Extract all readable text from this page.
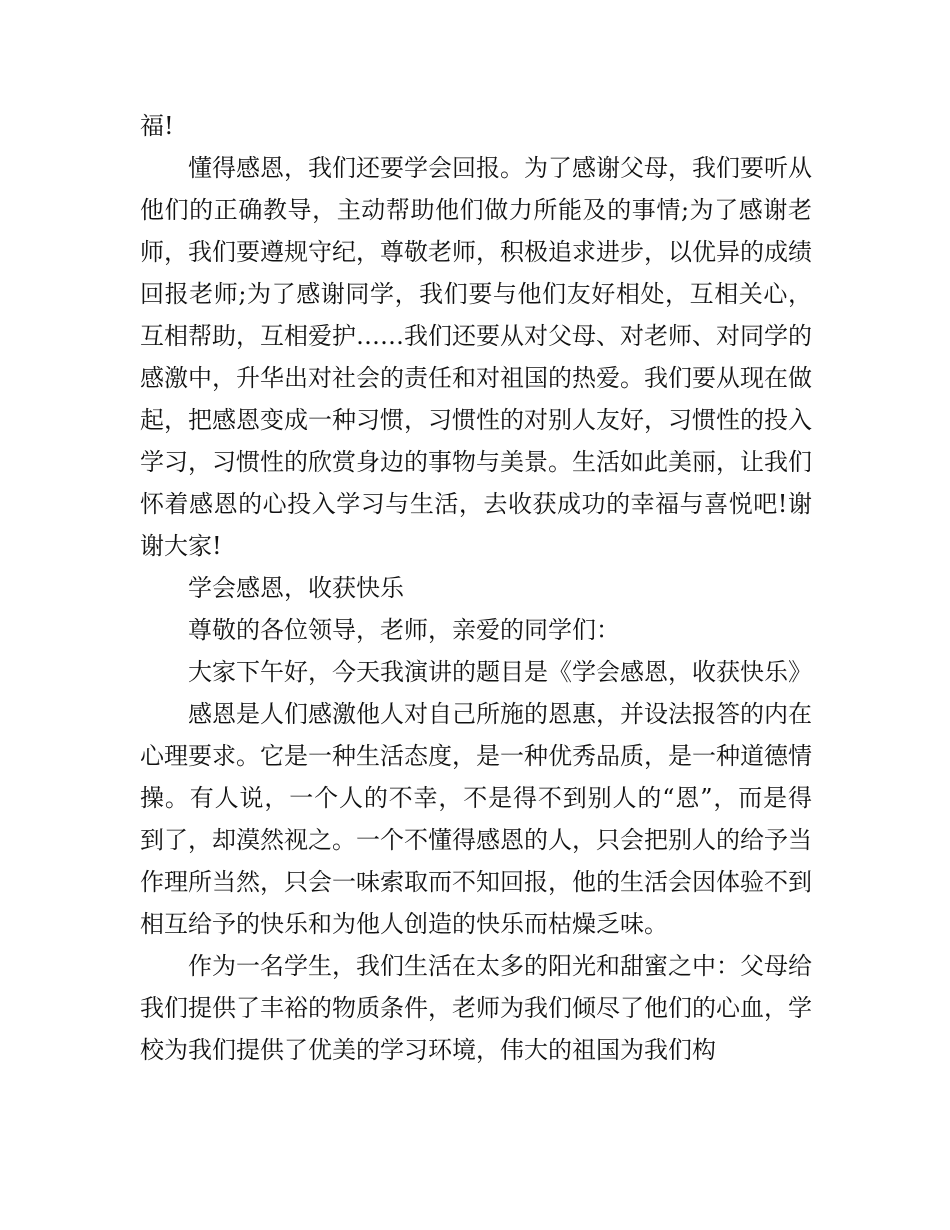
福!

懂得感恩，我们还要学会回报。为了感谢父母，我们要听从他们的正确教导，主动帮助他们做力所能及的事情;为了感谢老师，我们要遵规守纪，尊敬老师，积极追求进步，以优异的成绩回报老师;为了感谢同学，我们要与他们友好相处，互相关心，互相帮助，互相爱护……我们还要从对父母、对老师、对同学的感激中，升华出对社会的责任和对祖国的热爱。我们要从现在做起，把感恩变成一种习惯，习惯性的对别人友好，习惯性的投入学习，习惯性的欣赏身边的事物与美景。生活如此美丽，让我们怀着感恩的心投入学习与生活，去收获成功的幸福与喜悦吧!谢谢大家!

学会感恩，收获快乐

尊敬的各位领导，老师，亲爱的同学们：

大家下午好，今天我演讲的题目是《学会感恩，收获快乐》

感恩是人们感激他人对自己所施的恩惠，并设法报答的内在心理要求。它是一种生活态度，是一种优秀品质，是一种道德情操。有人说，一个人的不幸，不是得不到别人的“恩”，而是得到了，却漠然视之。一个不懂得感恩的人，只会把别人的给予当作理所当然，只会一味索取而不知回报，他的生活会因体验不到相互给予的快乐和为他人创造的快乐而枯燥乏味。

作为一名学生，我们生活在太多的阳光和甜蜜之中：父母给我们提供了丰裕的物质条件，老师为我们倾尽了他们的心血，学校为我们提供了优美的学习环境，伟大的祖国为我们构
